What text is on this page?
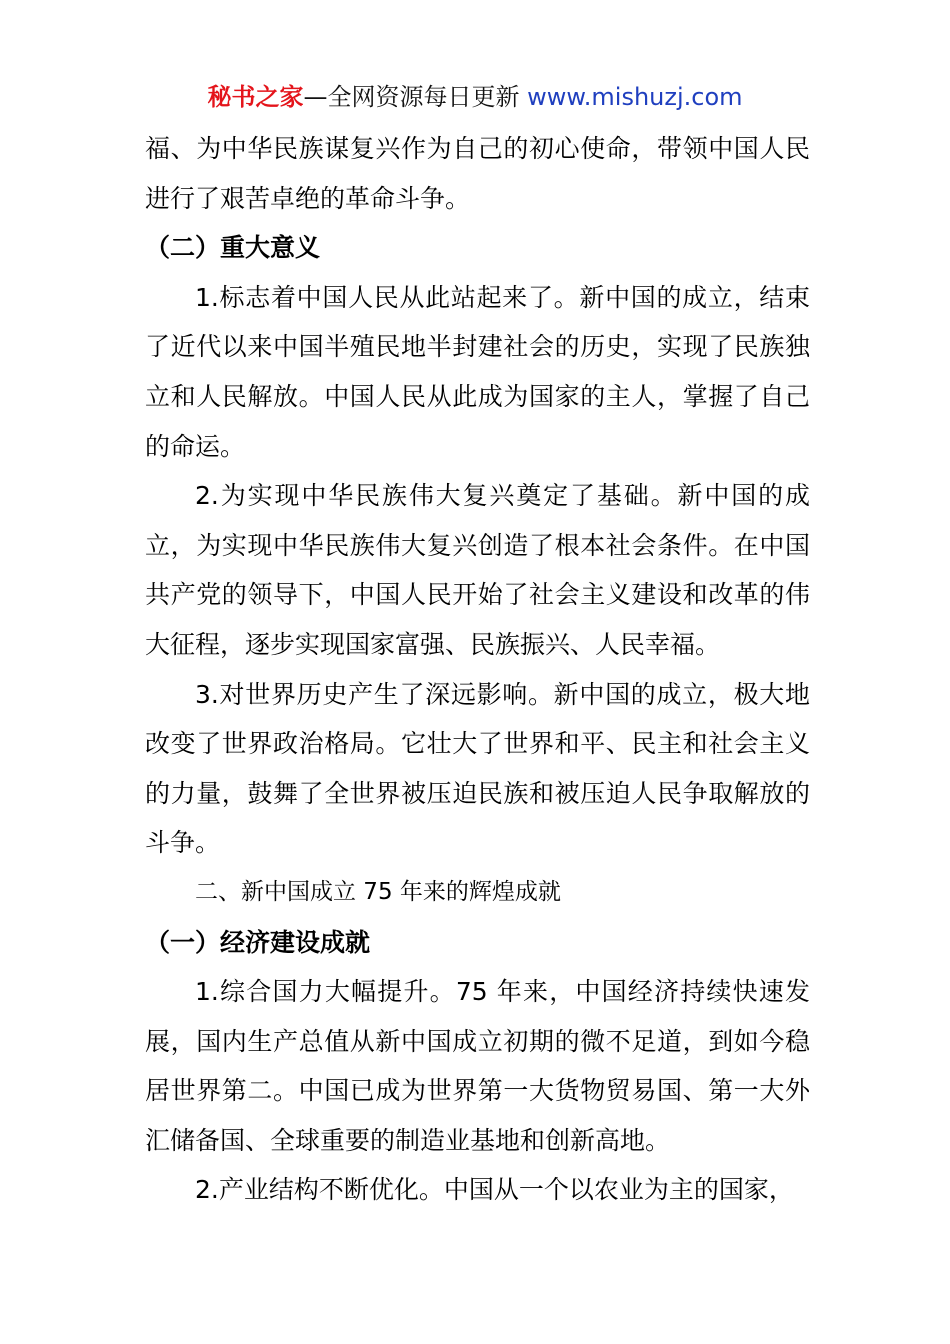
秘书之家—全网资源每日更新 www.mishuzj.com

福、为中华民族谋复兴作为自己的初心使命，带领中国人民进行了艰苦卓绝的革命斗争。

（二）重大意义

1.标志着中国人民从此站起来了。新中国的成立，结束了近代以来中国半殖民地半封建社会的历史，实现了民族独立和人民解放。中国人民从此成为国家的主人，掌握了自己的命运。

2.为实现中华民族伟大复兴奠定了基础。新中国的成立，为实现中华民族伟大复兴创造了根本社会条件。在中国共产党的领导下，中国人民开始了社会主义建设和改革的伟大征程，逐步实现国家富强、民族振兴、人民幸福。

3.对世界历史产生了深远影响。新中国的成立，极大地改变了世界政治格局。它壮大了世界和平、民主和社会主义的力量，鼓舞了全世界被压迫民族和被压迫人民争取解放的斗争。

二、新中国成立 75 年来的辉煌成就

（一）经济建设成就

1.综合国力大幅提升。75 年来，中国经济持续快速发展，国内生产总值从新中国成立初期的微不足道，到如今稳居世界第二。中国已成为世界第一大货物贸易国、第一大外汇储备国、全球重要的制造业基地和创新高地。

2.产业结构不断优化。中国从一个以农业为主的国家，
